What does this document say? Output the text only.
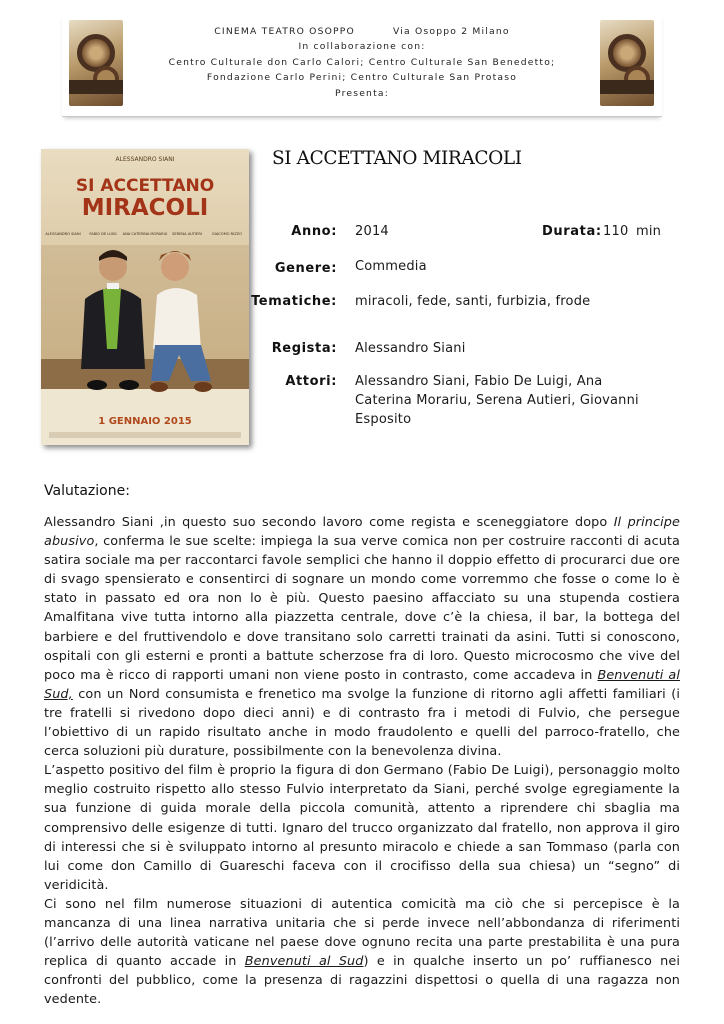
CINEMA TEATRO OSOPPO	Via Osoppo 2 Milano
In collaborazione con:
Centro Culturale don Carlo Calori; Centro Culturale San Benedetto;
Fondazione Carlo Perini; Centro Culturale San Protaso
Presenta:
ALESSANDRO SIANI
SI ACCETTANO
MIRACOLI
ALESSANDRO SIANI FABIO DE LUIGI ANA CATERINA MORARIU SERENA AUTIERI	GIACOMO RIZZO
1 GENNAIO 2015
SI ACCETTANO MIRACOLI
Anno: 2014	Durata: 110 min
Genere: Commedia
Tematiche: miracoli, fede, santi, furbizia, frode
Regista: Alessandro Siani
Attori: Alessandro Siani, Fabio De Luigi, Ana Caterina Morariu, Serena Autieri, Giovanni Esposito
Valutazione:

Alessandro Siani ,in questo suo secondo lavoro come regista e sceneggiatore dopo Il principe abusivo, conferma le sue scelte: impiega la sua verve comica non per costruire racconti di acuta satira sociale ma per raccontarci favole semplici che hanno il doppio effetto di procurarci due ore di svago spensierato e consentirci di sognare un mondo come vorremmo che fosse o come lo è stato in passato ed ora non lo è più. Questo paesino affacciato su una stupenda costiera Amalfitana vive tutta intorno alla piazzetta centrale, dove c’è la chiesa, il bar, la bottega del barbiere e del fruttivendolo e dove transitano solo carretti trainati da asini. Tutti si conoscono, ospitali con gli esterni e pronti a battute scherzose fra di loro. Questo microcosmo che vive del poco ma è ricco di rapporti umani non viene posto in contrasto, come accadeva in Benvenuti al Sud, con un Nord consumista e frenetico ma svolge la funzione di ritorno agli affetti familiari (i tre fratelli si rivedono dopo dieci anni) e di contrasto fra i metodi di Fulvio, che persegue l’obiettivo di un rapido risultato anche in modo fraudolento e quelli del parroco-fratello, che cerca soluzioni più durature, possibilmente con la benevolenza divina.

L’aspetto positivo del film è proprio la figura di don Germano (Fabio De Luigi), personaggio molto meglio costruito rispetto allo stesso Fulvio interpretato da Siani, perché svolge egregiamente la sua funzione di guida morale della piccola comunità, attento a riprendere chi sbaglia ma comprensivo delle esigenze di tutti. Ignaro del trucco organizzato dal fratello, non approva il giro di interessi che si è sviluppato intorno al presunto miracolo e chiede a san Tommaso (parla con lui come don Camillo di Guareschi faceva con il crocifisso della sua chiesa) un “segno” di veridicità.

Ci sono nel film numerose situazioni di autentica comicità ma ciò che si percepisce è la mancanza di una linea narrativa unitaria che si perde invece nell’abbondanza di riferimenti (l’arrivo delle autorità vaticane nel paese dove ognuno recita una parte prestabilita è una pura replica di quanto accade in Benvenuti al Sud) e in qualche inserto un po’ ruffianesco nei confronti del pubblico, come la presenza di ragazzini dispettosi o quella di una ragazza non vedente.
